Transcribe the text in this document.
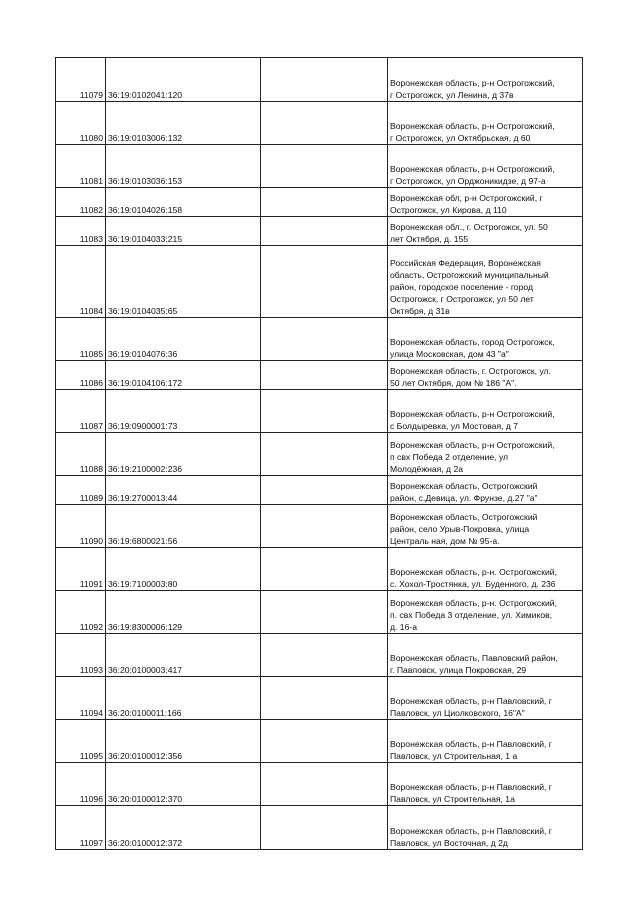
11079	36:19:0102041:120		Воронежская область, р-н Острогожский,
г Острогожск, ул Ленина, д 37в
11080	36:19:0103006:132		Воронежская область, р-н Острогожский,
г Острогожск, ул Октябрьская, д 60
11081	36:19:0103036:153		Воронежская область, р-н Острогожский,
г Острогожск, ул Орджоникидзе, д 97-а
11082	36:19:0104026:158		Воронежская обл, р-н Острогожский, г
Острогожск, ул Кирова, д 110
11083	36:19:0104033:215		Воронежская обл., г. Острогожск, ул. 50
лет Октября, д. 155
11084	36:19:0104035:65		Российская Федерация, Воронежская
область, Острогожский муниципальный
район, городское поселение - город
Острогожск, г Острогожск, ул 50 лет
Октября, д 31в
11085	36:19:0104076:36		Воронежская область, город Острогожск,
улица Московская, дом 43 "а"
11086	36:19:0104106:172		Воронежская область, г. Острогожск, ул.
50 лет Октября, дом № 186 "А".
11087	36:19:0900001:73		Воронежская область, р-н Острогожский,
с Болдыревка, ул Мостовая, д 7
11088	36:19:2100002:236		Воронежская область, р-н Острогожский,
п свх Победа 2 отделение, ул
Молодёжная, д 2а
11089	36:19:2700013:44		Воронежская область, Острогожский
район, с.Девица, ул. Фрунзе, д.27 "а"
11090	36:19:6800021:56		Воронежская область, Острогожский
район, село Урыв-Покровка, улица
Централь ная, дом № 95-а.
11091	36:19:7100003:80		Воронежская область, р-н. Острогожский,
с. Хохол-Тростянка, ул. Буденного, д. 236
11092	36:19:8300006:129		Воронежская область, р-н. Острогожский,
п. свх Победа 3 отделение, ул. Химиков,
д. 16-а
11093	36:20:0100003:417		Воронежская область, Павловский район,
г. Павловск, улица Покровская, 29
11094	36:20:0100011:166		Воронежская область, р-н Павловский, г
Павловск, ул Циолковского, 16"А"
11095	36:20:0100012:356		Воронежская область, р-н Павловский, г
Павловск, ул Строительная, 1 а
11096	36:20:0100012:370		Воронежская область, р-н Павловский, г
Павловск, ул Строительная, 1а
11097	36:20:0100012:372		Воронежская область, р-н Павловский, г
Павловск, ул Восточная, д 2д
